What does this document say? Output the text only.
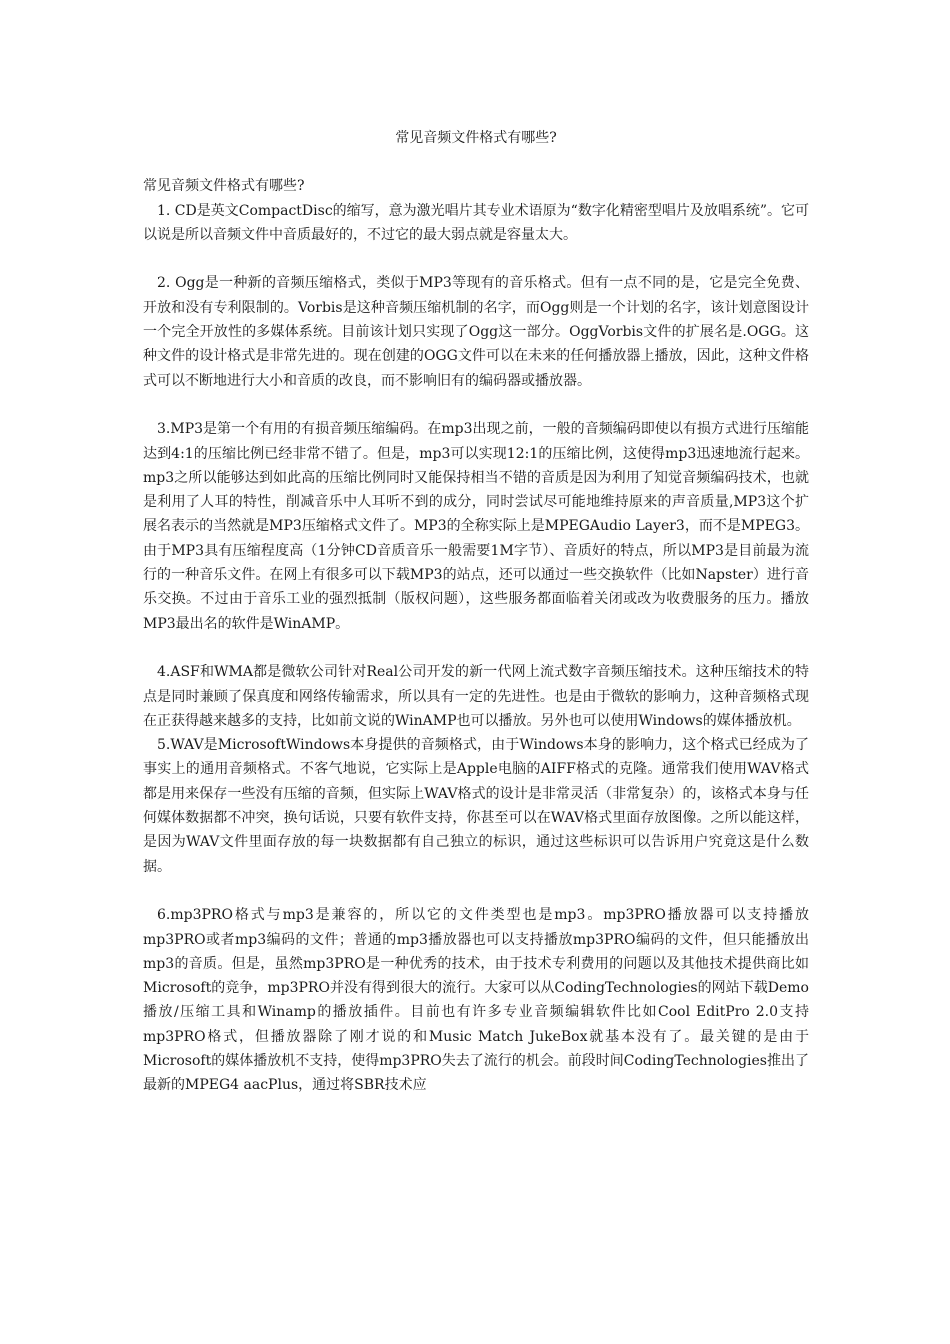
常见音频文件格式有哪些?
常见音频文件格式有哪些?

1. CD是英文CompactDisc的缩写，意为激光唱片其专业术语原为“数字化精密型唱片及放唱系统”。它可以说是所以音频文件中音质最好的，不过它的最大弱点就是容量太大。

2. Ogg是一种新的音频压缩格式，类似于MP3等现有的音乐格式。但有一点不同的是，它是完全免费、开放和没有专利限制的。Vorbis是这种音频压缩机制的名字，而Ogg则是一个计划的名字，该计划意图设计一个完全开放性的多媒体系统。目前该计划只实现了Ogg这一部分。OggVorbis文件的扩展名是.OGG。这种文件的设计格式是非常先进的。现在创建的OGG文件可以在未来的任何播放器上播放，因此，这种文件格式可以不断地进行大小和音质的改良，而不影响旧有的编码器或播放器。

3.MP3是第一个有用的有损音频压缩编码。在mp3出现之前，一般的音频编码即使以有损方式进行压缩能达到4:1的压缩比例已经非常不错了。但是，mp3可以实现12:1的压缩比例，这使得mp3迅速地流行起来。mp3之所以能够达到如此高的压缩比例同时又能保持相当不错的音质是因为利用了知觉音频编码技术，也就是利用了人耳的特性，削减音乐中人耳听不到的成分，同时尝试尽可能地维持原来的声音质量,MP3这个扩展名表示的当然就是MP3压缩格式文件了。MP3的全称实际上是MPEGAudio Layer3，而不是MPEG3。由于MP3具有压缩程度高（1分钟CD音质音乐一般需要1M字节）、音质好的特点，所以MP3是目前最为流行的一种音乐文件。在网上有很多可以下载MP3的站点，还可以通过一些交换软件（比如Napster）进行音乐交换。不过由于音乐工业的强烈抵制（版权问题），这些服务都面临着关闭或改为收费服务的压力。播放MP3最出名的软件是WinAMP。

4.ASF和WMA都是微软公司针对Real公司开发的新一代网上流式数字音频压缩技术。这种压缩技术的特点是同时兼顾了保真度和网络传输需求，所以具有一定的先进性。也是由于微软的影响力，这种音频格式现在正获得越来越多的支持，比如前文说的WinAMP也可以播放。另外也可以使用Windows的媒体播放机。

5.WAV是MicrosoftWindows本身提供的音频格式，由于Windows本身的影响力，这个格式已经成为了事实上的通用音频格式。不客气地说，它实际上是Apple电脑的AIFF格式的克隆。通常我们使用WAV格式都是用来保存一些没有压缩的音频，但实际上WAV格式的设计是非常灵活（非常复杂）的，该格式本身与任何媒体数据都不冲突，换句话说，只要有软件支持，你甚至可以在WAV格式里面存放图像。之所以能这样，是因为WAV文件里面存放的每一块数据都有自己独立的标识，通过这些标识可以告诉用户究竟这是什么数据。

6.mp3PRO格式与mp3是兼容的，所以它的文件类型也是mp3。mp3PRO播放器可以支持播放mp3PRO或者mp3编码的文件；普通的mp3播放器也可以支持播放mp3PRO编码的文件，但只能播放出mp3的音质。但是，虽然mp3PRO是一种优秀的技术，由于技术专利费用的问题以及其他技术提供商比如Microsoft的竞争，mp3PRO并没有得到很大的流行。大家可以从CodingTechnologies的网站下载Demo播放/压缩工具和Winamp的播放插件。目前也有许多专业音频编辑软件比如Cool EditPro 2.0支持mp3PRO格式，但播放器除了刚才说的和Music Match JukeBox就基本没有了。最关键的是由于Microsoft的媒体播放机不支持，使得mp3PRO失去了流行的机会。前段时间CodingTechnologies推出了最新的MPEG4 aacPlus，通过将SBR技术应
